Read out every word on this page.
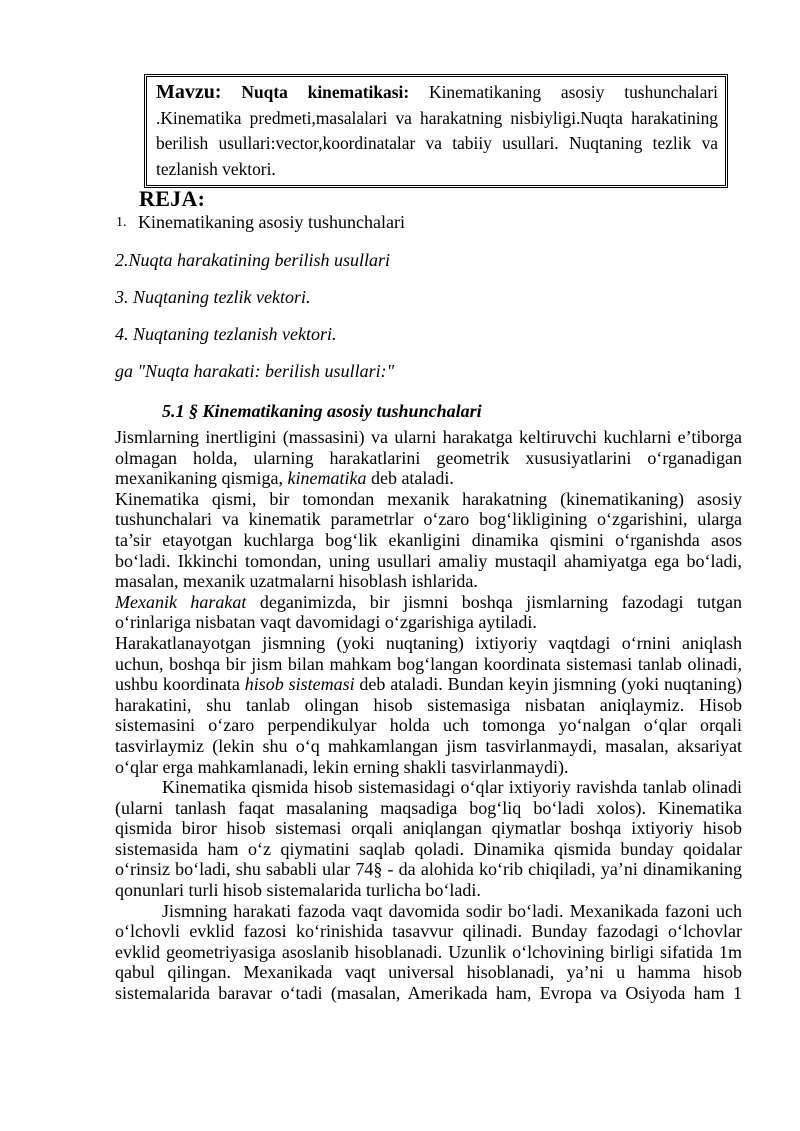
Mavzu: Nuqta kinematikasi: Kinematikaning asosiy tushunchalari .Kinematika predmeti,masalalari va harakatning nisbiyligi.Nuqta harakatining berilish usullari:vector,koordinatalar va tabiiy usullari. Nuqtaning tezlik va tezlanish vektori.
REJA:
1. Kinematikaning asosiy tushunchalari
2.Nuqta harakatining berilish usullari
3. Nuqtaning tezlik vektori.
4. Nuqtaning tezlanish vektori.
ga "Nuqta harakati: berilish usullari:"
5.1 § Kinematikaning asosiy tushunchalari

Jismlarning inertligini (massasini) va ularni harakatga keltiruvchi kuchlarni e’tiborga olmagan holda, ularning harakatlarini geometrik xususiyatlarini o‘rganadigan mexanikaning qismiga, kinematika deb ataladi.

Kinematika qismi, bir tomondan mexanik harakatning (kinematikaning) asosiy tushunchalari va kinematik parametrlar o‘zaro bog‘likligining o‘zgarishini, ularga ta’sir etayotgan kuchlarga bog‘lik ekanligini dinamika qismini o‘rganishda asos bo‘ladi. Ikkinchi tomondan, uning usullari amaliy mustaqil ahamiyatga ega bo‘ladi, masalan, mexanik uzatmalarni hisoblash ishlarida.

Mexanik harakat deganimizda, bir jismni boshqa jismlarning fazodagi tutgan o‘rinlariga nisbatan vaqt davomidagi o‘zgarishiga aytiladi.

Harakatlanayotgan jismning (yoki nuqtaning) ixtiyoriy vaqtdagi o‘rnini aniqlash uchun, boshqa bir jism bilan mahkam bog‘langan koordinata sistemasi tanlab olinadi, ushbu koordinata hisob sistemasi deb ataladi. Bundan keyin jismning (yoki nuqtaning) harakatini, shu tanlab olingan hisob sistemasiga nisbatan aniqlaymiz. Hisob sistemasini o‘zaro perpendikulyar holda uch tomonga yo‘nalgan o‘qlar orqali tasvirlaymiz (lekin shu o‘q mahkamlangan jism tasvirlanmaydi, masalan, aksariyat o‘qlar erga mahkamlanadi, lekin erning shakli tasvirlanmaydi).

Kinematika qismida hisob sistemasidagi o‘qlar ixtiyoriy ravishda tanlab olinadi (ularni tanlash faqat masalaning maqsadiga bog‘liq bo‘ladi xolos). Kinematika qismida biror hisob sistemasi orqali aniqlangan qiymatlar boshqa ixtiyoriy hisob sistemasida ham o‘z qiymatini saqlab qoladi. Dinamika qismida bunday qoidalar o‘rinsiz bo‘ladi, shu sababli ular 74§ - da alohida ko‘rib chiqiladi, ya’ni dinamikaning qonunlari turli hisob sistemalarida turlicha bo‘ladi.

Jismning harakati fazoda vaqt davomida sodir bo‘ladi. Mexanikada fazoni uch o‘lchovli evklid fazosi ko‘rinishida tasavvur qilinadi. Bunday fazodagi o‘lchovlar evklid geometriyasiga asoslanib hisoblanadi. Uzunlik o‘lchovining birligi sifatida 1m qabul qilingan. Mexanikada vaqt universal hisoblanadi, ya’ni u hamma hisob sistemalarida baravar o‘tadi (masalan, Amerikada ham, Evropa va Osiyoda ham 1
